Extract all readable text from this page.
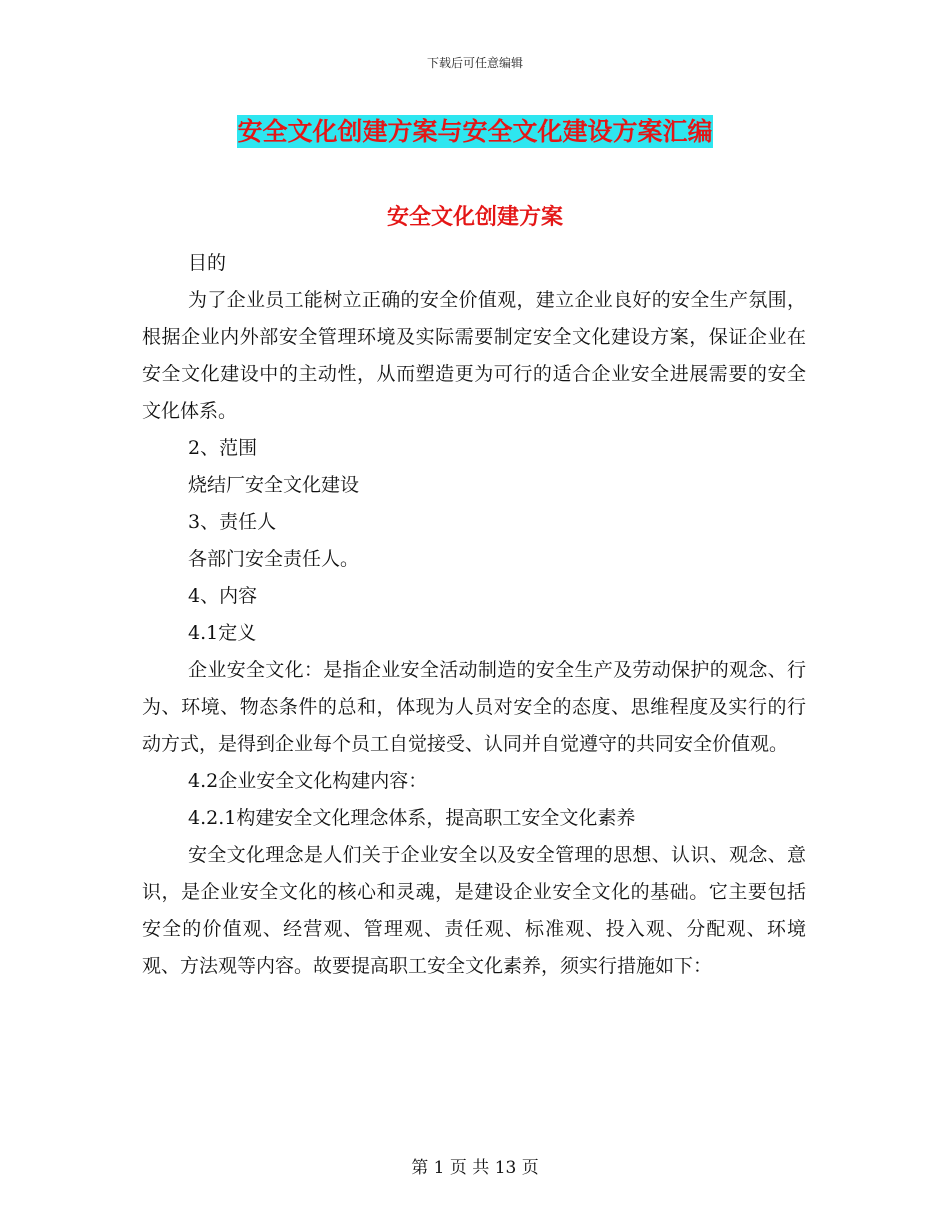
下载后可任意编辑
安全文化创建方案与安全文化建设方案汇编
安全文化创建方案

目的

为了企业员工能树立正确的安全价值观，建立企业良好的安全生产氛围，根据企业内外部安全管理环境及实际需要制定安全文化建设方案，保证企业在安全文化建设中的主动性，从而塑造更为可行的适合企业安全进展需要的安全文化体系。

2、范围

烧结厂安全文化建设

3、责任人

各部门安全责任人。

4、内容

4.1定义

企业安全文化：是指企业安全活动制造的安全生产及劳动保护的观念、行为、环境、物态条件的总和，体现为人员对安全的态度、思维程度及实行的行动方式，是得到企业每个员工自觉接受、认同并自觉遵守的共同安全价值观。

4.2企业安全文化构建内容：

4.2.1构建安全文化理念体系，提高职工安全文化素养

安全文化理念是人们关于企业安全以及安全管理的思想、认识、观念、意识，是企业安全文化的核心和灵魂，是建设企业安全文化的基础。它主要包括安全的价值观、经营观、管理观、责任观、标准观、投入观、分配观、环境观、方法观等内容。故要提高职工安全文化素养，须实行措施如下：

第 1 页 共 13 页
